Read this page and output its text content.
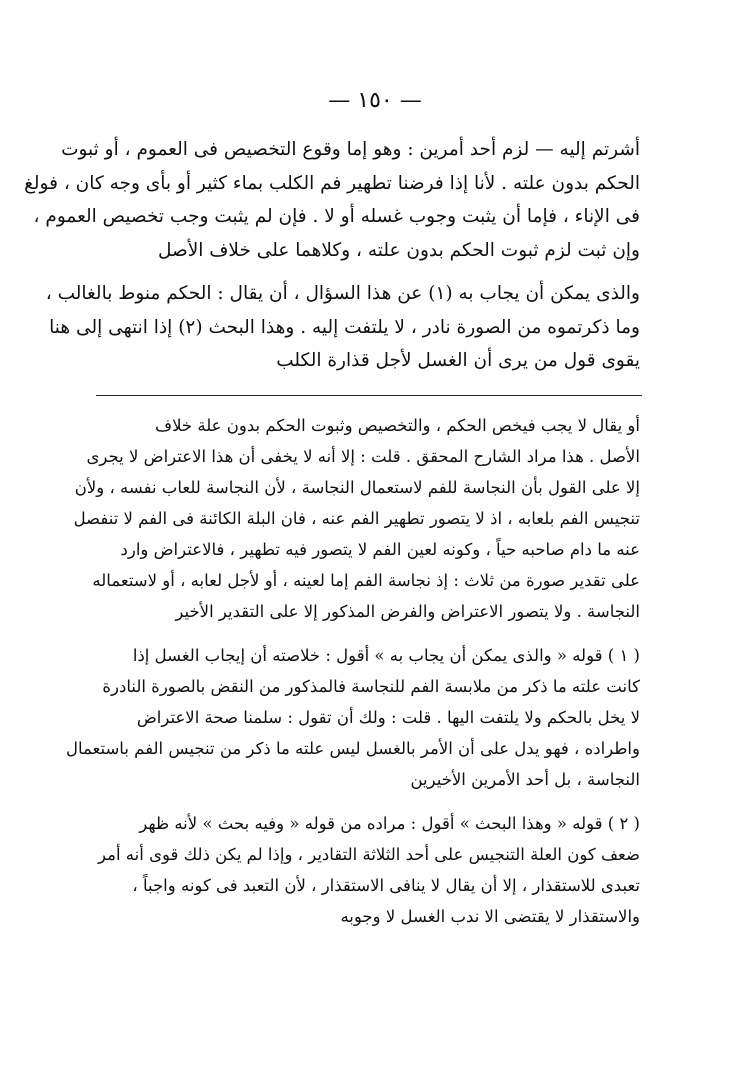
— ١٥٠ —
أشرتم إليه — لزم أحد أمرين : وهو إما وقوع التخصيص فى العموم ، أو ثبوت
الحكم بدون علته . لأنا إذا فرضنا تطهير فم الكلب بماء كثير أو بأى وجه كان ، فولغ
فى الإناء ، فإما أن يثبت وجوب غسله أو لا . فإن لم يثبت وجب تخصيص العموم ،
وإن ثبت لزم ثبوت الحكم بدون علته ، وكلاهما على خلاف الأصل
والذى يمكن أن يجاب به (١) عن هذا السؤال ، أن يقال : الحكم منوط بالغالب ،
وما ذكرتموه من الصورة نادر ، لا يلتفت إليه . وهذا البحث (٢) إذا انتهى إلى هنا
يقوى قول من يرى أن الغسل لأجل قذارة الكلب
أو يقال لا يجب فيخص الحكم ، والتخصيص وثبوت الحكم بدون علة خلاف
الأصل . هذا مراد الشارح المحقق . قلت : إلا أنه لا يخفى أن هذا الاعتراض لا يجرى
إلا على القول بأن النجاسة للفم لاستعمال النجاسة ، لأن النجاسة للعاب نفسه ، ولأن
تنجيس الفم بلعابه ، اذ لا يتصور تطهير الفم عنه ، فان البلة الكائنة فى الفم لا تنفصل
عنه ما دام صاحبه حياً ، وكونه لعين الفم لا يتصور فيه تطهير ، فالاعتراض وارد
على تقدير صورة من ثلاث : إذ نجاسة الفم إما لعينه ، أو لأجل لعابه ، أو لاستعماله
النجاسة . ولا يتصور الاعتراض والفرض المذكور إلا على التقدير الأخير
( ١ ) قوله « والذى يمكن أن يجاب به » أقول : خلاصته أن إيجاب الغسل إذا
كانت علته ما ذكر من ملابسة الفم للنجاسة فالمذكور من النقض بالصورة النادرة
لا يخل بالحكم ولا يلتفت اليها . قلت : ولك أن تقول : سلمنا صحة الاعتراض
واطراده ، فهو يدل على أن الأمر بالغسل ليس علته ما ذكر من تنجيس الفم باستعمال
النجاسة ، بل أحد الأمرين الأخيرين
( ٢ ) قوله « وهذا البحث » أقول : مراده من قوله « وفيه بحث » لأنه ظهر
ضعف كون العلة التنجيس على أحد الثلاثة التقادير ، وإذا لم يكن ذلك قوى أنه أمر
تعبدى للاستقذار ، إلا أن يقال لا ينافى الاستقذار ، لأن التعبد فى كونه واجباً ،
والاستقذار لا يقتضى الا ندب الغسل لا وجوبه
